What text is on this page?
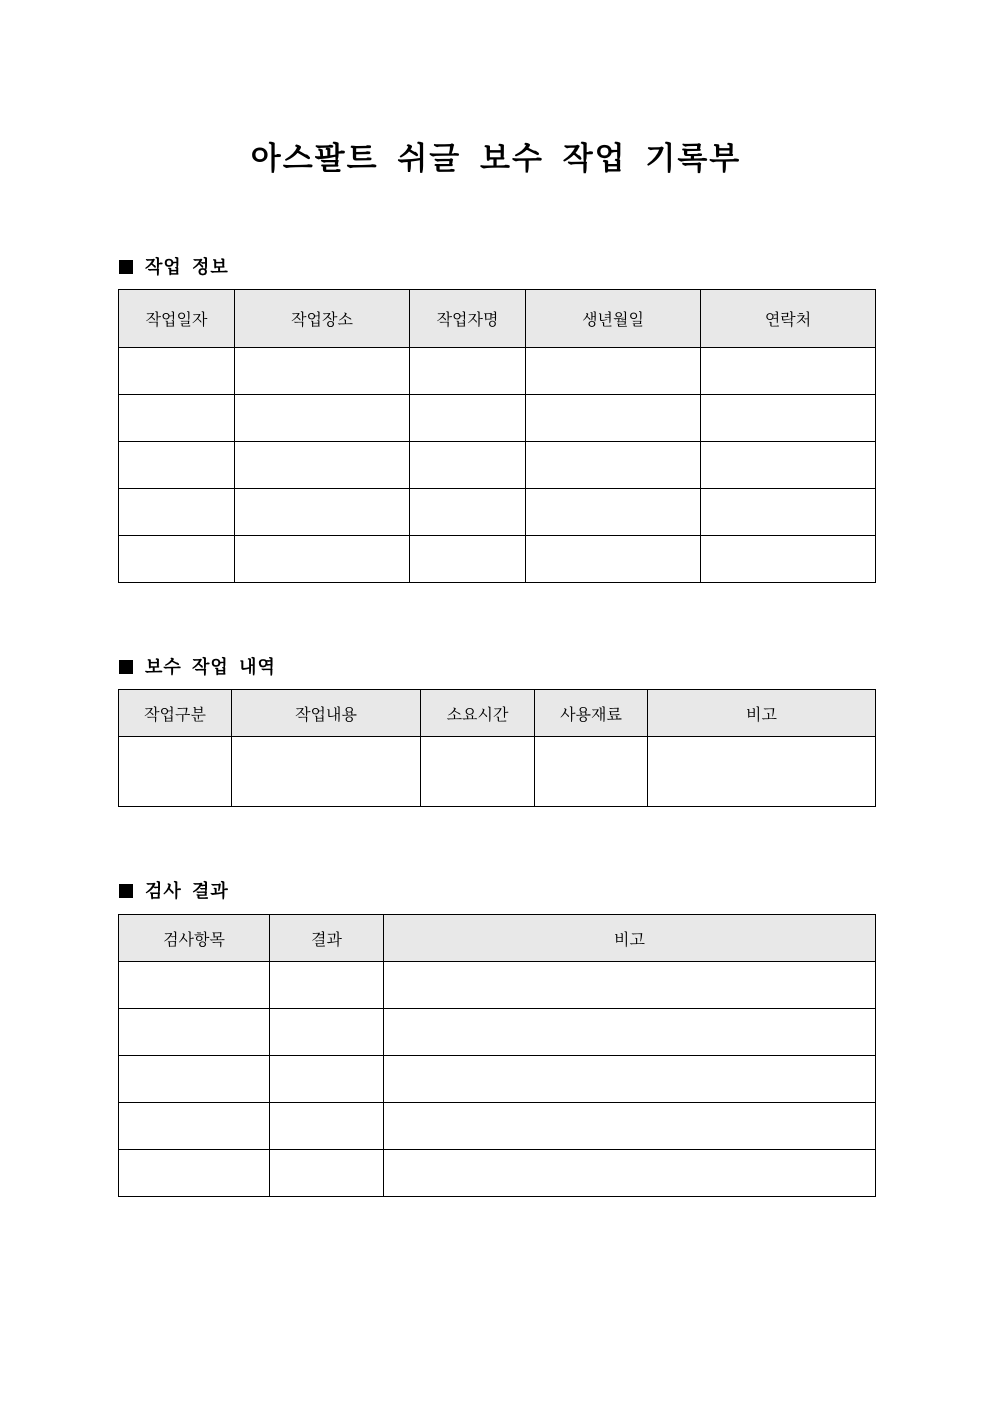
아스팔트 쉬글 보수 작업 기록부
작업 정보
작업일자	작업장소	작업자명	생년월일	연락처

보수 작업 내역
작업구분	작업내용	소요시간	사용재료	비고

검사 결과
검사항목	결과	비고
